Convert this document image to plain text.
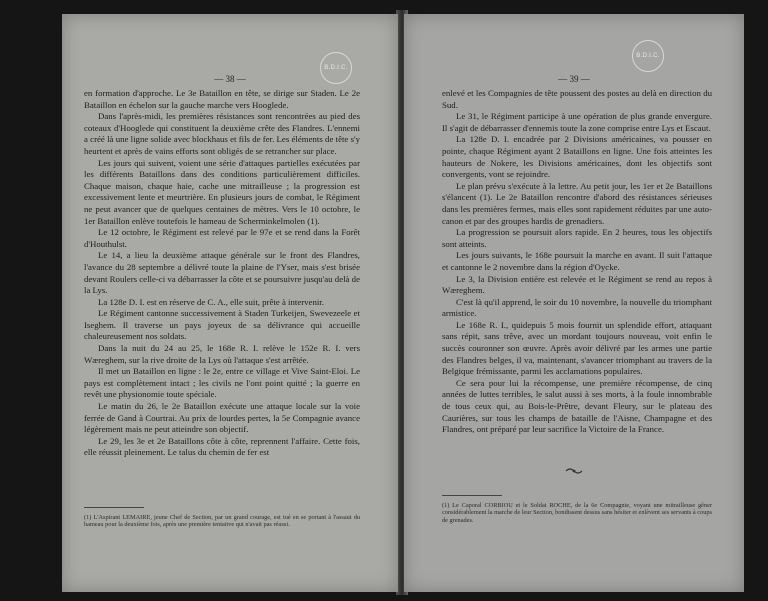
B.D.I.C.
— 38 —

en formation d'approche. Le 3e Bataillon en tête, se dirige sur Staden. Le 2e Bataillon en échelon sur la gauche marche vers Hooglede.

Dans l'après-midi, les premières résistances sont rencontrées au pied des coteaux d'Hooglede qui constituent la deuxième crête des Flandres. L'ennemi a créé là une ligne solide avec blockhaus et fils de fer. Les éléments de tête s'y heurtent et après de vains efforts sont obligés de se retrancher sur place.

Les jours qui suivent, voient une série d'attaques partielles exécutées par les différents Bataillons dans des conditions particulièrement difficiles. Chaque maison, chaque haie, cache une mitrailleuse ; la progression est excessivement lente et meurtrière. En plusieurs jours de combat, le Régiment ne peut avancer que de quelques centaines de mètres. Vers le 10 octobre, le 1er Bataillon enlève toutefois le hameau de Scherminkelmolen (1).

Le 12 octobre, le Régiment est relevé par le 97e et se rend dans la Forêt d'Houthulst.

Le 14, a lieu la deuxième attaque générale sur le front des Flandres, l'avance du 28 septembre a délivré toute la plaine de l'Yser, mais s'est brisée devant Roulers celle-ci va débarrasser la côte et se poursuivre jusqu'au delà de la Lys.

La 128e D. I. est en réserve de C. A., elle suit, prête à intervenir.

Le Régiment cantonne successivement à Staden Turkeijen, Swevezeele et Iseghem. Il traverse un pays joyeux de sa délivrance qui accueille chaleureusement nos soldats.

Dans la nuit du 24 au 25, le 168e R. I. relève le 152e R. I. vers Wæreghem, sur la rive droite de la Lys où l'attaque s'est arrêtée.

Il met un Bataillon en ligne : le 2e, entre ce village et Vive Saint-Eloi. Le pays est complètement intact ; les civils ne l'ont point quitté ; la guerre en revêt une physionomie toute spéciale.

Le matin du 26, le 2e Bataillon exécute une attaque locale sur la voie ferrée de Gand à Courtrai. Au prix de lourdes pertes, la 5e Compagnie avance légèrement mais ne peut atteindre son objectif.

Le 29, les 3e et 2e Bataillons côte à côte, reprennent l'affaire. Cette fois, elle réussit pleinement. Le talus du chemin de fer est

(1) L'Aspirant LEMAIRE, jeune Chef de Section, par un grand courage, est tué en se portant à l'assaut du hameau pour la deuxième fois, après une première tentative qui n'avait pas réussi.
B.D.I.C.
— 39 —

enlevé et les Compagnies de tête poussent des postes au delà en direction du Sud.

Le 31, le Régiment participe à une opération de plus grande envergure. Il s'agit de débarrasser d'ennemis toute la zone comprise entre Lys et Escaut.

La 128e D. I. encadrée par 2 Divisions américaines, va pousser en pointe, chaque Régiment ayant 2 Bataillons en ligne. Une fois atteintes les hauteurs de Nokere, les Divisions américaines, dont les objectifs sont convergents, vont se rejoindre.

Le plan prévu s'exécute à la lettre. Au petit jour, les 1er et 2e Bataillons s'élancent (1). Le 2e Bataillon rencontre d'abord des résistances sérieuses dans les premières fermes, mais elles sont rapidement réduites par une auto-canon et par des groupes hardis de grenadiers.

La progression se poursuit alors rapide. En 2 heures, tous les objectifs sont atteints.

Les jours suivants, le 168e poursuit la marche en avant. Il suit l'attaque et cantonne le 2 novembre dans la région d'Oycke.

Le 3, la Division entière est relevée et le Régiment se rend au repos à Wæreghem.

C'est là qu'il apprend, le soir du 10 novembre, la nouvelle du triomphant armistice.

Le 168e R. I., quidepuis 5 mois fournit un splendide effort, attaquant sans répit, sans trêve, avec un mordant toujours nouveau, voit enfin le succès couronner son œuvre. Après avoir délivré par les armes une partie des Flandres belges, il va, maintenant, s'avancer triomphant au travers de la Belgique frémissante, parmi les acclamations populaires.

Ce sera pour lui la récompense, une première récompense, de cinq années de luttes terribles, le salut aussi à ses morts, à la foule innombrable de tous ceux qui, au Bois-le-Prêtre, devant Fleury, sur le plateau des Caurières, sur tous les champs de bataille de l'Aisne, Champagne et des Flandres, ont préparé par leur sacrifice la Victoire de la France.

(1) Le Caporal CORBIOU et le Soldat ROCHE, de la 6e Compagnie, voyant une mitrailleuse gêner considérablement la marche de leur Section, bondissent dessus sans hésiter et enlèvent ses servants à coups de grenades.
